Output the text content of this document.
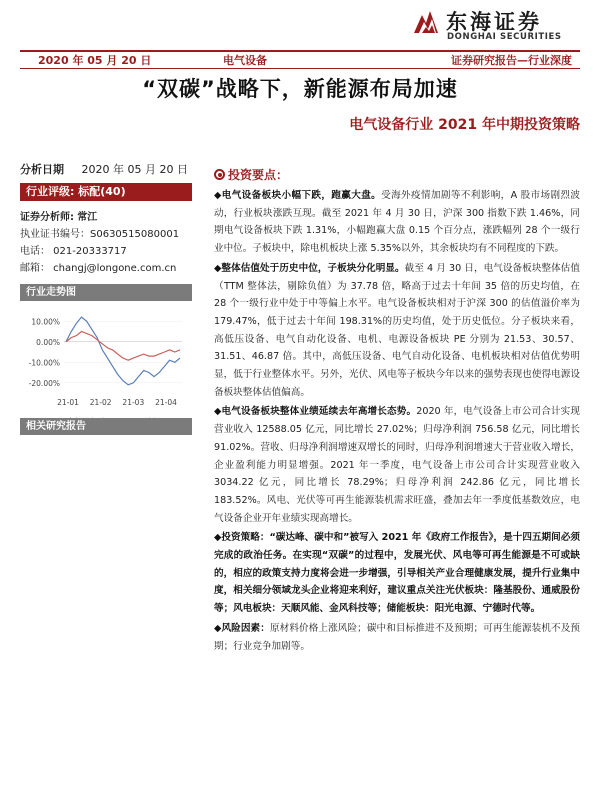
东海证券
DONGHAI SECURITIES
2020 年 05 月 20 日	电气设备	证券研究报告—行业深度
“双碳”战略下，新能源布局加速
电气设备行业 2021 年中期投资策略
分析日期 2020 年 05 月 20 日
行业评级: 标配(40)
证券分析师: 常江
执业证书编号：S0630515080001
电话： 021-20333717
邮箱： changj@longone.com.cn
行业走势图
10.00%
0.00%
-10.00%
-20.00%
21-01 21-02 21-03 21-04
相关研究报告
投资要点：

◆电气设备板块小幅下跌，跑赢大盘。受海外疫情加剧等不利影响，A 股市场剧烈波动，行业板块涨跌互现。截至 2021 年 4 月 30 日，沪深 300 指数下跌 1.46%，同期电气设备板块下跌 1.31%，小幅跑赢大盘 0.15 个百分点，涨跌幅列 28 个一级行业中位。子板块中，除电机板块上涨 5.35%以外，其余板块均有不同程度的下跌。

◆整体估值处于历史中位，子板块分化明显。截至 4 月 30 日，电气设备板块整体估值（TTM 整体法，剔除负值）为 37.78 倍，略高于过去十年间 35 倍的历史均值，在 28 个一级行业中处于中等偏上水平。电气设备板块相对于沪深 300 的估值溢价率为 179.47%，低于过去十年间 198.31%的历史均值，处于历史低位。分子板块来看，高低压设备、电气自动化设备、电机、电源设备板块 PE 分别为 21.53、30.57、31.51、46.87 倍。其中，高低压设备、电气自动化设备、电机板块相对估值优势明显，低于行业整体水平。另外，光伏、风电等子板块今年以来的强势表现也使得电源设备板块整体估值偏高。

◆电气设备板块整体业绩延续去年高增长态势。2020 年，电气设备上市公司合计实现营业收入 12588.05 亿元，同比增长 27.02%；归母净利润 756.58 亿元，同比增长 91.02%。营收、归母净利润增速双增长的同时，归母净利润增速大于营业收入增长，企业盈利能力明显增强。2021 年一季度，电气设备上市公司合计实现营业收入 3034.22 亿元，同比增长 78.29%；归母净利润 242.86 亿元，同比增长 183.52%。风电、光伏等可再生能源装机需求旺盛，叠加去年一季度低基数效应，电气设备企业开年业绩实现高增长。

◆投资策略：“碳达峰、碳中和”被写入 2021 年《政府工作报告》，是十四五期间必须完成的政治任务。在实现“双碳”的过程中，发展光伏、风电等可再生能源是不可或缺的，相应的政策支持力度将会进一步增强，引导相关产业合理健康发展，提升行业集中度，相关细分领域龙头企业将迎来利好，建议重点关注光伏板块：隆基股份、通威股份等；风电板块：天顺风能、金风科技等；储能板块：阳光电源、宁德时代等。

◆风险因素：原材料价格上涨风险；碳中和目标推进不及预期；可再生能源装机不及预期；行业竞争加剧等。
